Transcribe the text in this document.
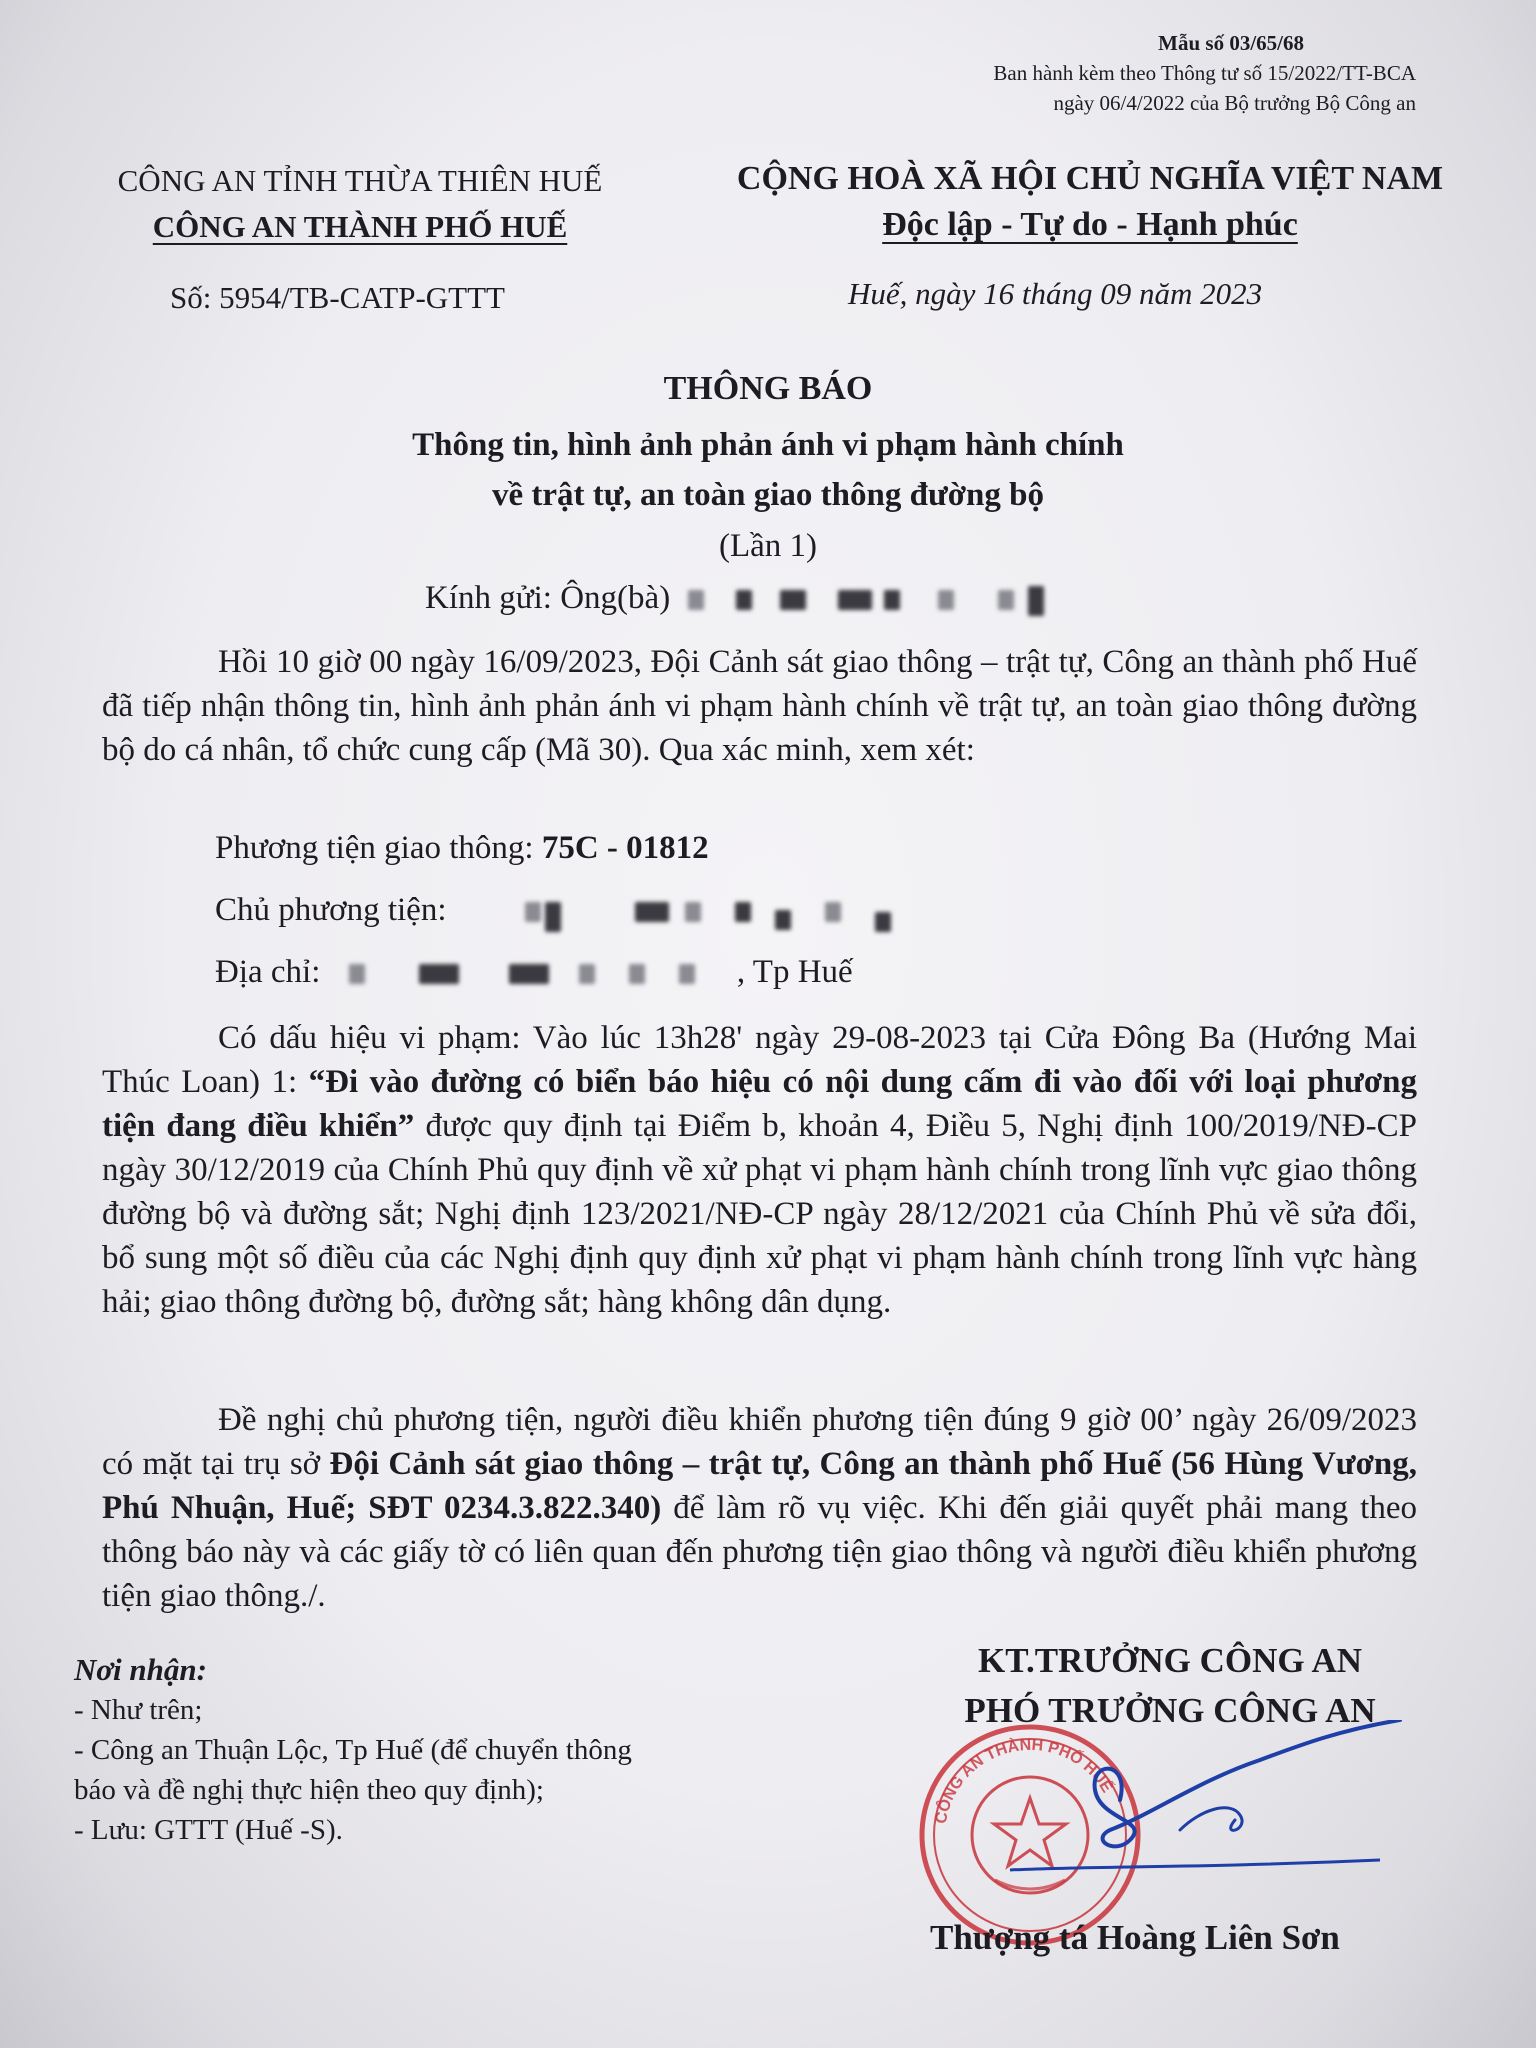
Mẫu số 03/65/68
Ban hành kèm theo Thông tư số 15/2022/TT-BCA
ngày 06/4/2022 của Bộ trưởng Bộ Công an
CÔNG AN TỈNH THỪA THIÊN HUẾ
CÔNG AN THÀNH PHỐ HUẾ
CỘNG HOÀ XÃ HỘI CHỦ NGHĨA VIỆT NAM
Độc lập - Tự do - Hạnh phúc
Số: 5954/TB-CATP-GTTT	Huế, ngày 16 tháng 09 năm 2023
THÔNG BÁO
Thông tin, hình ảnh phản ánh vi phạm hành chính
về trật tự, an toàn giao thông đường bộ
(Lần 1)
Kính gửi: Ông(bà)
Hồi 10 giờ 00 ngày 16/09/2023, Đội Cảnh sát giao thông – trật tự, Công an thành phố Huế đã tiếp nhận thông tin, hình ảnh phản ánh vi phạm hành chính về trật tự, an toàn giao thông đường bộ do cá nhân, tổ chức cung cấp (Mã 30). Qua xác minh, xem xét:
Phương tiện giao thông: 75C - 01812
Chủ phương tiện:
Địa chỉ:	, Tp Huế
Có dấu hiệu vi phạm: Vào lúc 13h28' ngày 29-08-2023 tại Cửa Đông Ba (Hướng Mai Thúc Loan) 1: “Đi vào đường có biển báo hiệu có nội dung cấm đi vào đối với loại phương tiện đang điều khiển” được quy định tại Điểm b, khoản 4, Điều 5, Nghị định 100/2019/NĐ-CP ngày 30/12/2019 của Chính Phủ quy định về xử phạt vi phạm hành chính trong lĩnh vực giao thông đường bộ và đường sắt; Nghị định 123/2021/NĐ-CP ngày 28/12/2021 của Chính Phủ về sửa đổi, bổ sung một số điều của các Nghị định quy định xử phạt vi phạm hành chính trong lĩnh vực hàng hải; giao thông đường bộ, đường sắt; hàng không dân dụng.
Đề nghị chủ phương tiện, người điều khiển phương tiện đúng 9 giờ 00’ ngày 26/09/2023 có mặt tại trụ sở Đội Cảnh sát giao thông – trật tự, Công an thành phố Huế (56 Hùng Vương, Phú Nhuận, Huế; SĐT 0234.3.822.340) để làm rõ vụ việc. Khi đến giải quyết phải mang theo thông báo này và các giấy tờ có liên quan đến phương tiện giao thông và người điều khiển phương tiện giao thông./.
Nơi nhận:
- Như trên;
- Công an Thuận Lộc, Tp Huế (để chuyển thông
báo và đề nghị thực hiện theo quy định);
- Lưu: GTTT (Huế -S).
KT.TRƯỞNG CÔNG AN
PHÓ TRƯỞNG CÔNG AN
CÔNG AN THÀNH PHỐ HUẾ
Thượng tá Hoàng Liên Sơn
